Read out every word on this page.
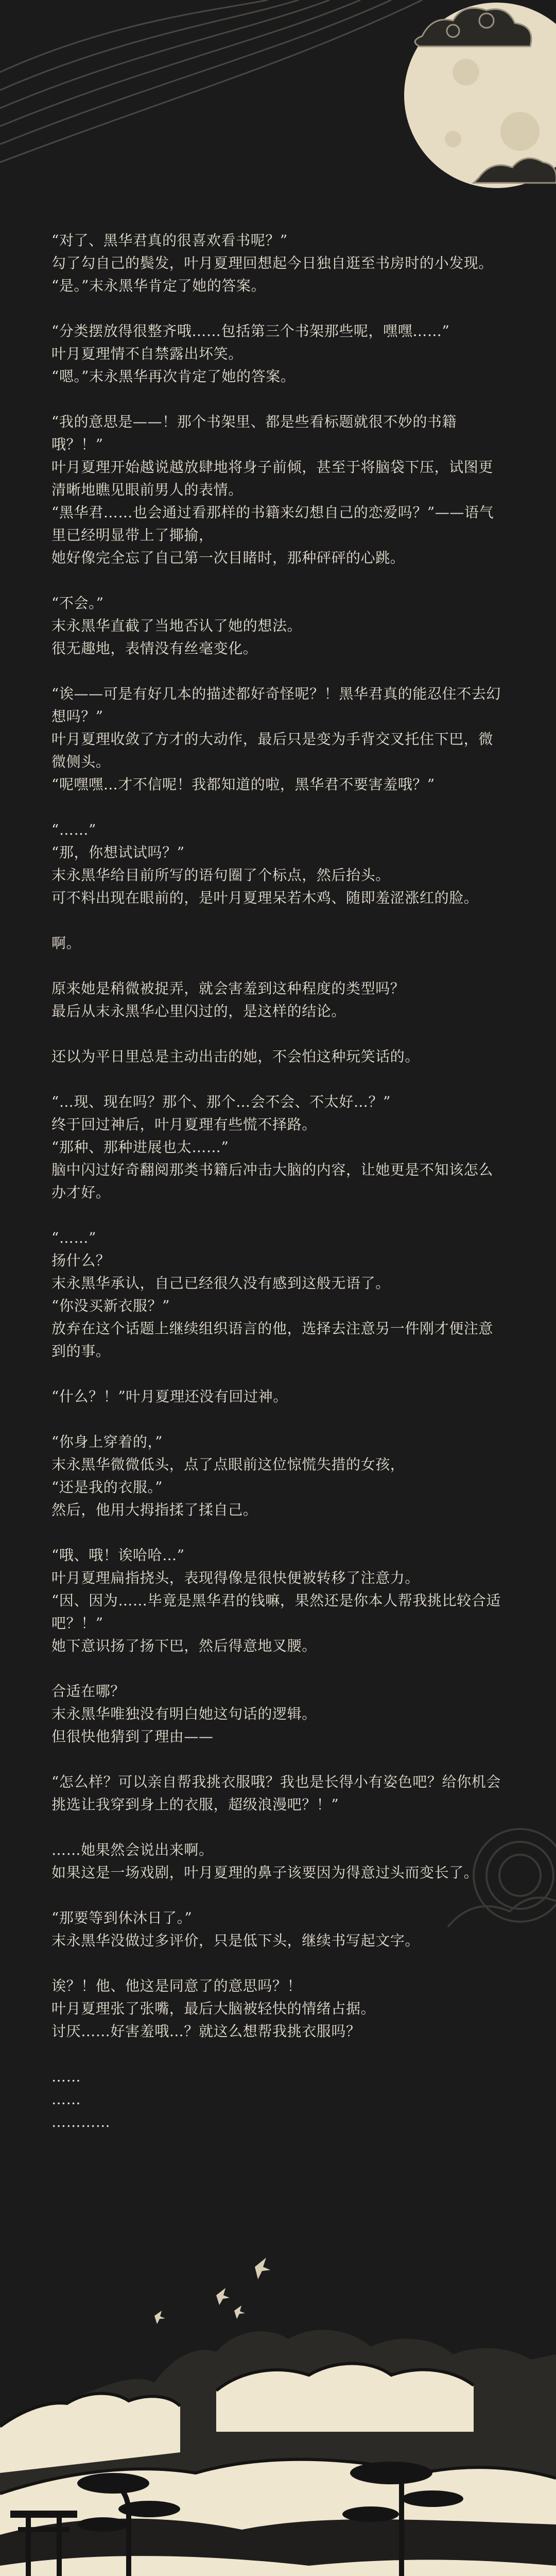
“对了、黑华君真的很喜欢看书呢？”
勾了勾自己的鬓发，叶月夏理回想起今日独自逛至书房时的小发现。
“是。”末永黑华肯定了她的答案。
“分类摆放得很整齐哦……包括第三个书架那些呢，嘿嘿……”
叶月夏理情不自禁露出坏笑。
“嗯。”末永黑华再次肯定了她的答案。
“我的意思是——！那个书架里、都是些看标题就很不妙的书籍哦？！”
叶月夏理开始越说越放肆地将身子前倾，甚至于将脑袋下压，试图更清晰地瞧见眼前男人的表情。
“黑华君……也会通过看那样的书籍来幻想自己的恋爱吗？”——语气里已经明显带上了揶揄，
她好像完全忘了自己第一次目睹时，那种砰砰的心跳。
“不会。”
末永黑华直截了当地否认了她的想法。
很无趣地，表情没有丝毫变化。
“诶——可是有好几本的描述都好奇怪呢？！黑华君真的能忍住不去幻想吗？”
叶月夏理收敛了方才的大动作，最后只是变为手背交叉托住下巴，微微侧头。
“呢嘿嘿…才不信呢！我都知道的啦，黑华君不要害羞哦？”
“……”
“那，你想试试吗？”
末永黑华给目前所写的语句圈了个标点，然后抬头。
可不料出现在眼前的，是叶月夏理呆若木鸡、随即羞涩涨红的脸。
啊。
原来她是稍微被捉弄，就会害羞到这种程度的类型吗？
最后从末永黑华心里闪过的，是这样的结论。
还以为平日里总是主动出击的她，不会怕这种玩笑话的。
“…现、现在吗？那个、那个…会不会、不太好…？”
终于回过神后，叶月夏理有些慌不择路。
“那种、那种进展也太……”
脑中闪过好奇翻阅那类书籍后冲击大脑的内容，让她更是不知该怎么办才好。
“……”
扬什么？
末永黑华承认，自己已经很久没有感到这般无语了。
“你没买新衣服？”
放弃在这个话题上继续组织语言的他，选择去注意另一件刚才便注意到的事。
“什么？！”叶月夏理还没有回过神。
“你身上穿着的，”
末永黑华微微低头，点了点眼前这位惊慌失措的女孩，
“还是我的衣服。”
然后，他用大拇指揉了揉自己。
“哦、哦！诶哈哈…”
叶月夏理扁指挠头，表现得像是很快便被转移了注意力。
“因、因为……毕竟是黑华君的钱嘛，果然还是你本人帮我挑比较合适吧？！”
她下意识扬了扬下巴，然后得意地叉腰。
合适在哪？
末永黑华唯独没有明白她这句话的逻辑。
但很快他猜到了理由——
“怎么样？可以亲自帮我挑衣服哦？我也是长得小有姿色吧？给你机会挑选让我穿到身上的衣服，超级浪漫吧？！”
……她果然会说出来啊。
如果这是一场戏剧，叶月夏理的鼻子该要因为得意过头而变长了。
“那要等到休沐日了。”
末永黑华没做过多评价，只是低下头，继续书写起文字。
诶？！他、他这是同意了的意思吗？！
叶月夏理张了张嘴，最后大脑被轻快的情绪占据。
讨厌……好害羞哦…？就这么想帮我挑衣服吗？
……
……
…………
